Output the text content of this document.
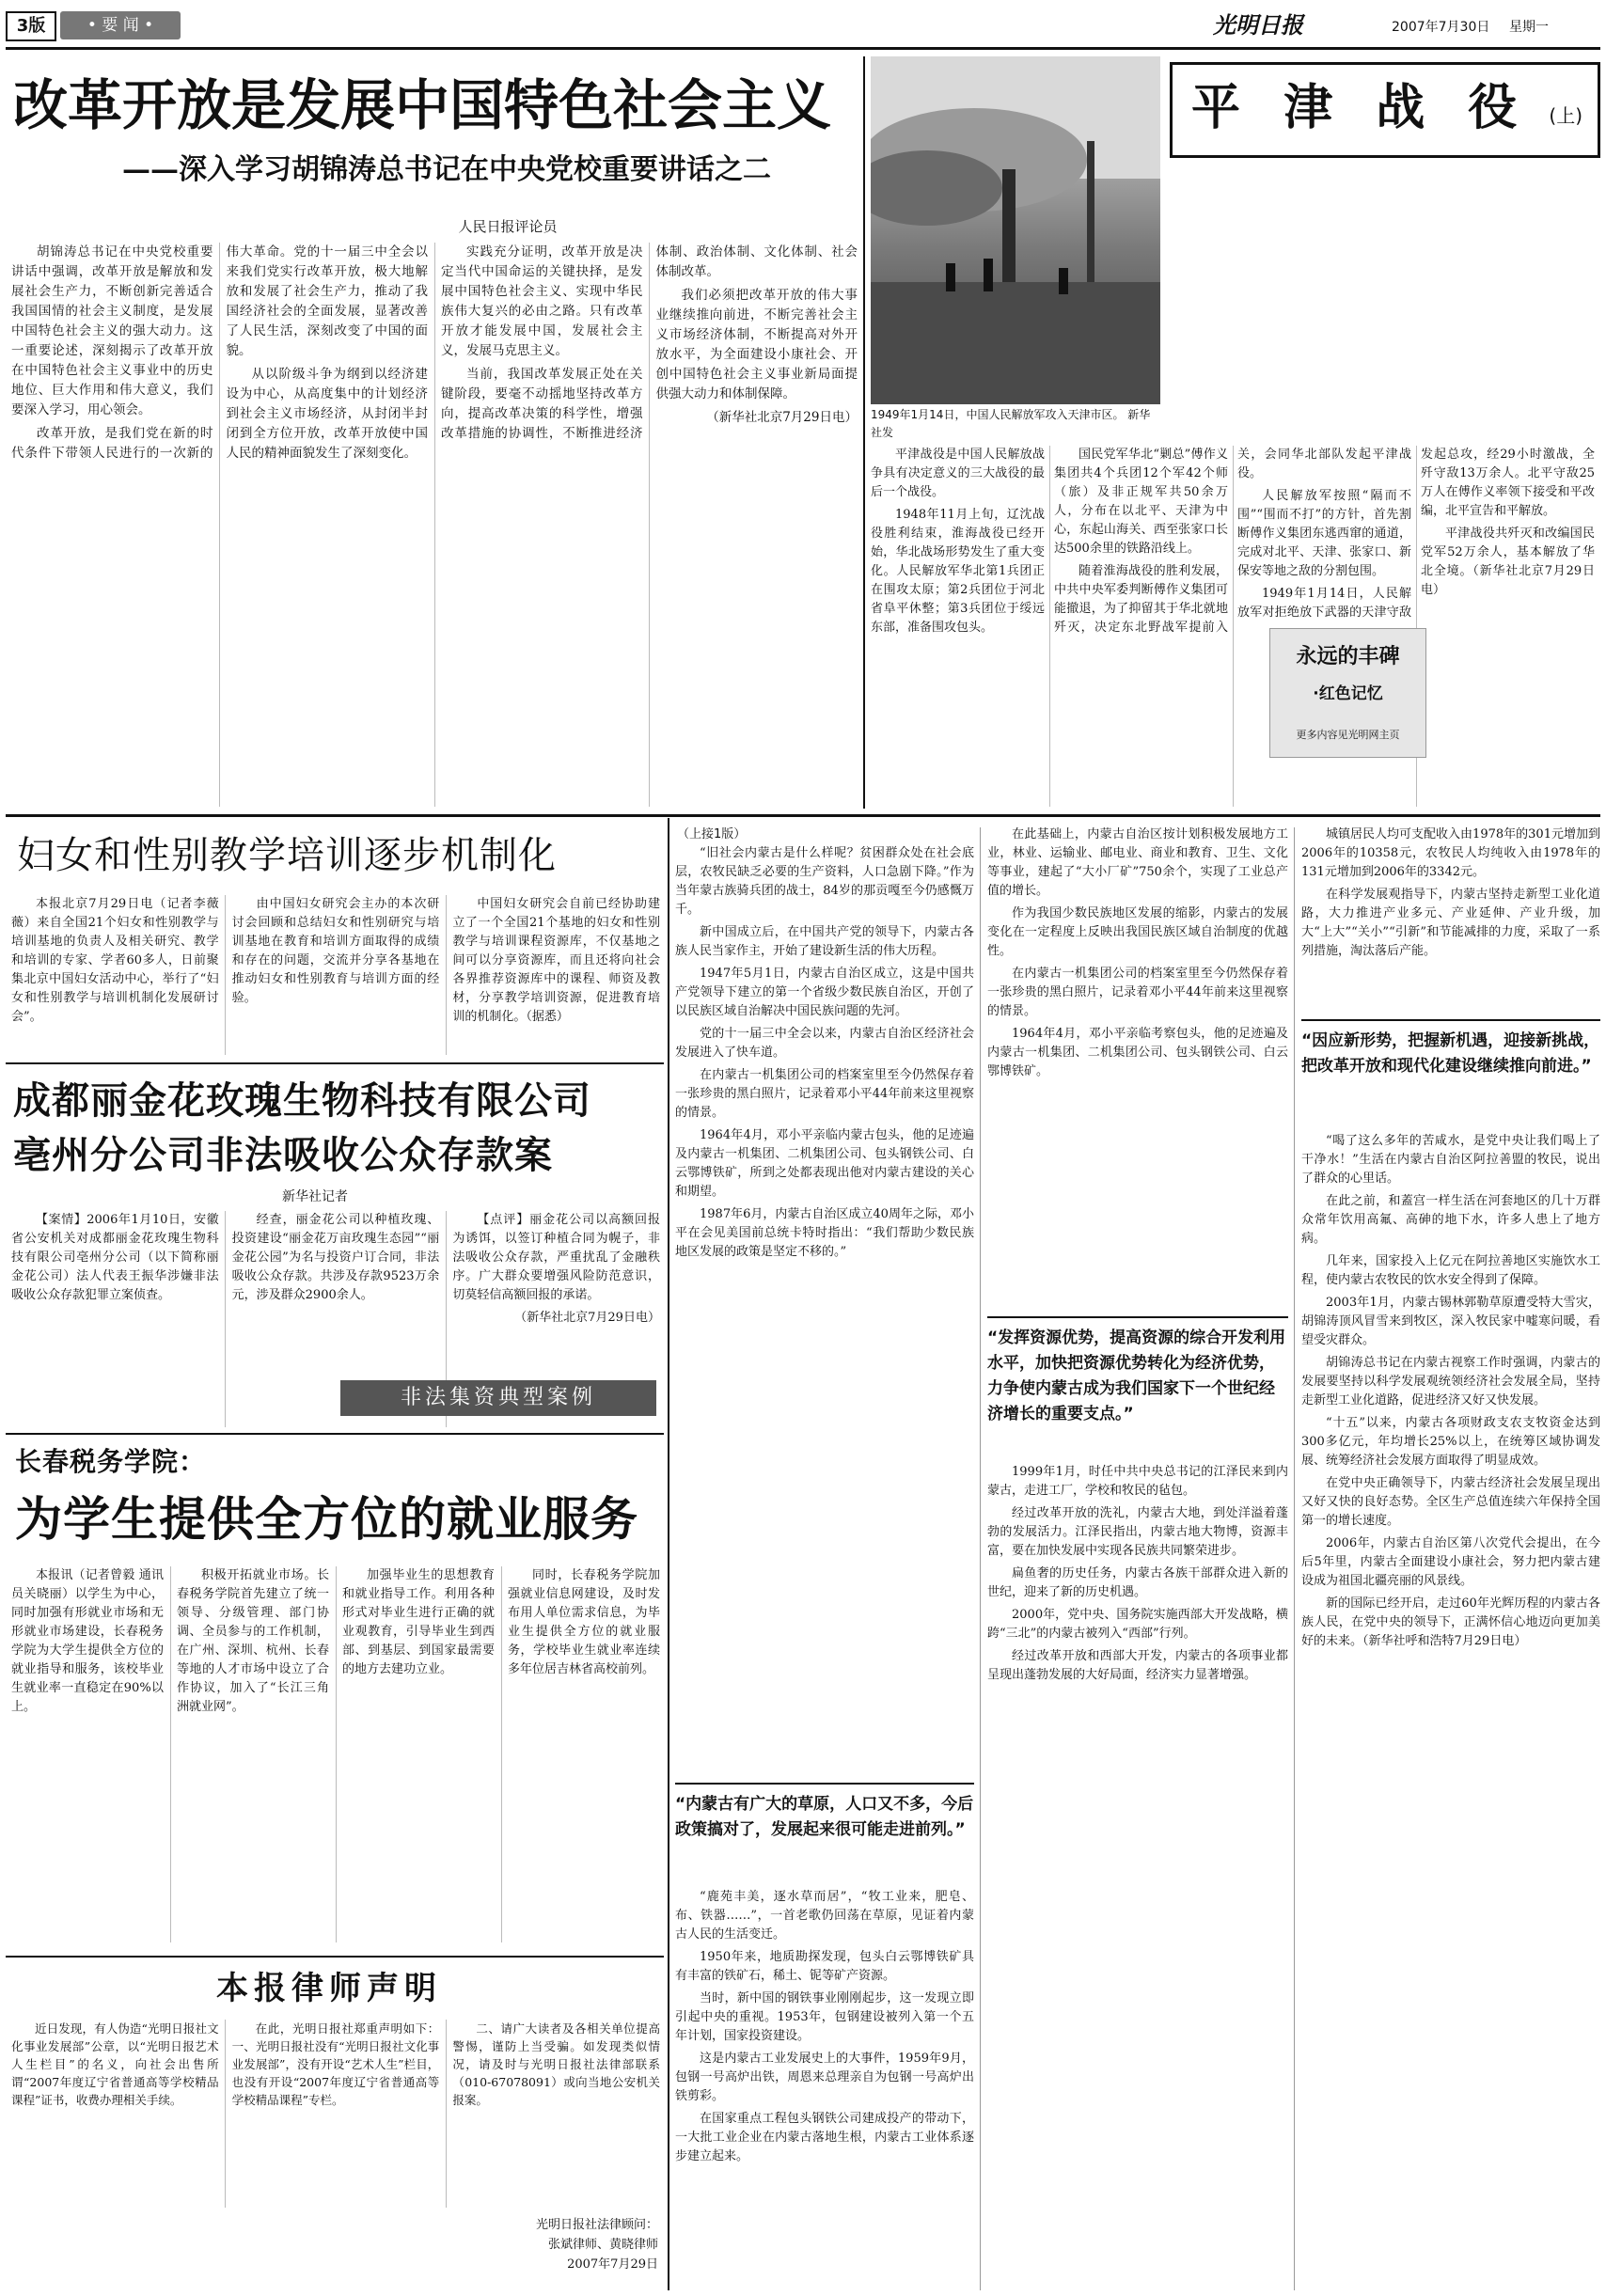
3版	• 要 闻 •	光明日报	2007年7月30日	星期一
改革开放是发展中国特色社会主义
——深入学习胡锦涛总书记在中央党校重要讲话之二
人民日报评论员

胡锦涛总书记在中央党校重要讲话中强调，改革开放是解放和发展社会生产力，不断创新完善适合我国国情的社会主义制度，是发展中国特色社会主义的强大动力。这一重要论述，深刻揭示了改革开放在中国特色社会主义事业中的历史地位、巨大作用和伟大意义，我们要深入学习，用心领会。

改革开放，是我们党在新的时代条件下带领人民进行的一次新的伟大革命。党的十一届三中全会以来我们党实行改革开放，极大地解放和发展了社会生产力，推动了我国经济社会的全面发展，显著改善了人民生活，深刻改变了中国的面貌。

从以阶级斗争为纲到以经济建设为中心，从高度集中的计划经济到社会主义市场经济，从封闭半封闭到全方位开放，改革开放使中国人民的精神面貌发生了深刻变化。

实践充分证明，改革开放是决定当代中国命运的关键抉择，是发展中国特色社会主义、实现中华民族伟大复兴的必由之路。只有改革开放才能发展中国，发展社会主义，发展马克思主义。

当前，我国改革发展正处在关键阶段，要毫不动摇地坚持改革方向，提高改革决策的科学性，增强改革措施的协调性，不断推进经济体制、政治体制、文化体制、社会体制改革。

我们必须把改革开放的伟大事业继续推向前进，不断完善社会主义市场经济体制，不断提高对外开放水平，为全面建设小康社会、开创中国特色社会主义事业新局面提供强大动力和体制保障。

（新华社北京7月29日电）

平 津 战 役 (上)
1949年1月14日，中国人民解放军攻入天津市区。 新华社发

平津战役是中国人民解放战争具有决定意义的三大战役的最后一个战役。

1948年11月上旬，辽沈战役胜利结束，淮海战役已经开始，华北战场形势发生了重大变化。人民解放军华北第1兵团正在围攻太原；第2兵团位于河北省阜平休整；第3兵团位于绥远东部，准备围攻包头。

国民党军华北“剿总”傅作义集团共4个兵团12个军42个师（旅）及非正规军共50余万人，分布在以北平、天津为中心，东起山海关、西至张家口长达500余里的铁路沿线上。

随着淮海战役的胜利发展，中共中央军委判断傅作义集团可能撤退，为了抑留其于华北就地歼灭，决定东北野战军提前入关，会同华北部队发起平津战役。

人民解放军按照“隔而不围”“围而不打”的方针，首先割断傅作义集团东逃西窜的通道，完成对北平、天津、张家口、新保安等地之敌的分割包围。

1949年1月14日，人民解放军对拒绝放下武器的天津守敌发起总攻，经29小时激战，全歼守敌13万余人。北平守敌25万人在傅作义率领下接受和平改编，北平宣告和平解放。

平津战役共歼灭和改编国民党军52万余人，基本解放了华北全境。（新华社北京7月29日电）

永远的丰碑
·红色记忆
更多内容见光明网主页
妇女和性别教学培训逐步机制化

本报北京7月29日电（记者李薇薇）来自全国21个妇女和性别教学与培训基地的负责人及相关研究、教学和培训的专家、学者60多人，日前聚集北京中国妇女活动中心，举行了“妇女和性别教学与培训机制化发展研讨会”。

由中国妇女研究会主办的本次研讨会回顾和总结妇女和性别研究与培训基地在教育和培训方面取得的成绩和存在的问题，交流并分享各基地在推动妇女和性别教育与培训方面的经验。

中国妇女研究会自前已经协助建立了一个全国21个基地的妇女和性别教学与培训课程资源库，不仅基地之间可以分享资源库，而且还将向社会各界推荐资源库中的课程、师资及教材，分享教学培训资源，促进教育培训的机制化。（据悉）

成都丽金花玫瑰生物科技有限公司
亳州分公司非法吸收公众存款案
新华社记者

【案情】2006年1月10日，安徽省公安机关对成都丽金花玫瑰生物科技有限公司亳州分公司（以下简称丽金花公司）法人代表王振华涉嫌非法吸收公众存款犯罪立案侦查。

经查，丽金花公司以种植玫瑰、投资建设“丽金花万亩玫瑰生态园”“丽金花公园”为名与投资户订合同，非法吸收公众存款。共涉及存款9523万余元，涉及群众2900余人。

【点评】丽金花公司以高额回报为诱饵，以签订种植合同为幌子，非法吸收公众存款，严重扰乱了金融秩序。广大群众要增强风险防范意识，切莫轻信高额回报的承诺。

（新华社北京7月29日电）

非法集资典型案例
长春税务学院：
为学生提供全方位的就业服务

本报讯（记者曾毅 通讯员关晓丽）以学生为中心，同时加强有形就业市场和无形就业市场建设，长春税务学院为大学生提供全方位的就业指导和服务，该校毕业生就业率一直稳定在90%以上。

积极开拓就业市场。长春税务学院首先建立了统一领导、分级管理、部门协调、全员参与的工作机制，在广州、深圳、杭州、长春等地的人才市场中设立了合作协议，加入了“长江三角洲就业网”。

加强毕业生的思想教育和就业指导工作。利用各种形式对毕业生进行正确的就业观教育，引导毕业生到西部、到基层、到国家最需要的地方去建功立业。

同时，长春税务学院加强就业信息网建设，及时发布用人单位需求信息，为毕业生提供全方位的就业服务，学校毕业生就业率连续多年位居吉林省高校前列。

本报律师声明

近日发现，有人伪造“光明日报社文化事业发展部”公章，以“光明日报艺术人生栏目”的名义，向社会出售所谓“2007年度辽宁省普通高等学校精品课程”证书，收费办理相关手续。

在此，光明日报社郑重声明如下：一、光明日报社没有“光明日报社文化事业发展部”，没有开设“艺术人生”栏目，也没有开设“2007年度辽宁省普通高等学校精品课程”专栏。

二、请广大读者及各相关单位提高警惕，谨防上当受骗。如发现类似情况，请及时与光明日报社法律部联系（010-67078091）或向当地公安机关报案。

光明日报社法律顾问：
张斌律师、黄晓律师
2007年7月29日
（上接1版）

“旧社会内蒙古是什么样呢？贫困群众处在社会底层，农牧民缺乏必要的生产资料，人口急剧下降。”作为当年蒙古族骑兵团的战士，84岁的那贡嘎至今仍感慨万千。

新中国成立后，在中国共产党的领导下，内蒙古各族人民当家作主，开始了建设新生活的伟大历程。

1947年5月1日，内蒙古自治区成立，这是中国共产党领导下建立的第一个省级少数民族自治区，开创了以民族区域自治解决中国民族问题的先河。

党的十一届三中全会以来，内蒙古自治区经济社会发展进入了快车道。

在内蒙古一机集团公司的档案室里至今仍然保存着一张珍贵的黑白照片，记录着邓小平44年前来这里视察的情景。

1964年4月，邓小平亲临内蒙古包头，他的足迹遍及内蒙古一机集团、二机集团公司、包头钢铁公司、白云鄂博铁矿，所到之处都表现出他对内蒙古建设的关心和期望。

1987年6月，内蒙古自治区成立40周年之际，邓小平在会见美国前总统卡特时指出：“我们帮助少数民族地区发展的政策是坚定不移的。”

“内蒙古有广大的草原，人口又不多，今后政策搞对了，发展起来很可能走进前列。”

“鹿苑丰美，逐水草而居”，“牧工业来，肥皂、布、铁器……”，一首老歌仍回荡在草原，见证着内蒙古人民的生活变迁。

1950年来，地质勘探发现，包头白云鄂博铁矿具有丰富的铁矿石，稀土、铌等矿产资源。

当时，新中国的钢铁事业刚刚起步，这一发现立即引起中央的重视。1953年，包钢建设被列入第一个五年计划，国家投资建设。

这是内蒙古工业发展史上的大事件，1959年9月，包钢一号高炉出铁，周恩来总理亲自为包钢一号高炉出铁剪彩。

在国家重点工程包头钢铁公司建成投产的带动下，一大批工业企业在内蒙古落地生根，内蒙古工业体系逐步建立起来。

在此基础上，内蒙古自治区按计划积极发展地方工业，林业、运输业、邮电业、商业和教育、卫生、文化等事业，建起了“大小厂矿”750余个，实现了工业总产值的增长。

作为我国少数民族地区发展的缩影，内蒙古的发展变化在一定程度上反映出我国民族区域自治制度的优越性。

在内蒙古一机集团公司的档案室里至今仍然保存着一张珍贵的黑白照片，记录着邓小平44年前来这里视察的情景。

1964年4月，邓小平亲临考察包头，他的足迹遍及内蒙古一机集团、二机集团公司、包头钢铁公司、白云鄂博铁矿。

“发挥资源优势，提高资源的综合开发利用水平，加快把资源优势转化为经济优势，力争使内蒙古成为我们国家下一个世纪经济增长的重要支点。”

1999年1月，时任中共中央总书记的江泽民来到内蒙古，走进工厂，学校和牧民的毡包。

经过改革开放的洗礼，内蒙古大地，到处洋溢着蓬勃的发展活力。江泽民指出，内蒙古地大物博，资源丰富，要在加快发展中实现各民族共同繁荣进步。

扁鱼奢的历史任务，内蒙古各族干部群众进入新的世纪，迎来了新的历史机遇。

2000年，党中央、国务院实施西部大开发战略，横跨“三北”的内蒙古被列入“西部”行列。

经过改革开放和西部大开发，内蒙古的各项事业都呈现出蓬勃发展的大好局面，经济实力显著增强。

城镇居民人均可支配收入由1978年的301元增加到2006年的10358元，农牧民人均纯收入由1978年的131元增加到2006年的3342元。

在科学发展观指导下，内蒙古坚持走新型工业化道路，大力推进产业多元、产业延伸、产业升级，加大“上大”“关小”“引新”和节能减排的力度，采取了一系列措施，淘汰落后产能。

“因应新形势，把握新机遇，迎接新挑战，把改革开放和现代化建设继续推向前进。”

“喝了这么多年的苦咸水，是党中央让我们喝上了干净水！”生活在内蒙古自治区阿拉善盟的牧民，说出了群众的心里话。

在此之前，和蓋宫一样生活在河套地区的几十万群众常年饮用高氟、高砷的地下水，许多人患上了地方病。

几年来，国家投入上亿元在阿拉善地区实施饮水工程，使内蒙古农牧民的饮水安全得到了保障。

2003年1月，内蒙古锡林郭勒草原遭受特大雪灾，胡锦涛顶风冒雪来到牧区，深入牧民家中嘘寒问暖，看望受灾群众。

胡锦涛总书记在内蒙古视察工作时强调，内蒙古的发展要坚持以科学发展观统领经济社会发展全局，坚持走新型工业化道路，促进经济又好又快发展。

“十五”以来，内蒙古各项财政支农支牧资金达到300多亿元，年均增长25%以上，在统筹区域协调发展、统筹经济社会发展方面取得了明显成效。

在党中央正确领导下，内蒙古经济社会发展呈现出又好又快的良好态势。全区生产总值连续六年保持全国第一的增长速度。

2006年，内蒙古自治区第八次党代会提出，在今后5年里，内蒙古全面建设小康社会，努力把内蒙古建设成为祖国北疆亮丽的风景线。

新的国际已经开启，走过60年光辉历程的内蒙古各族人民，在党中央的领导下，正满怀信心地迈向更加美好的未来。（新华社呼和浩特7月29日电）
